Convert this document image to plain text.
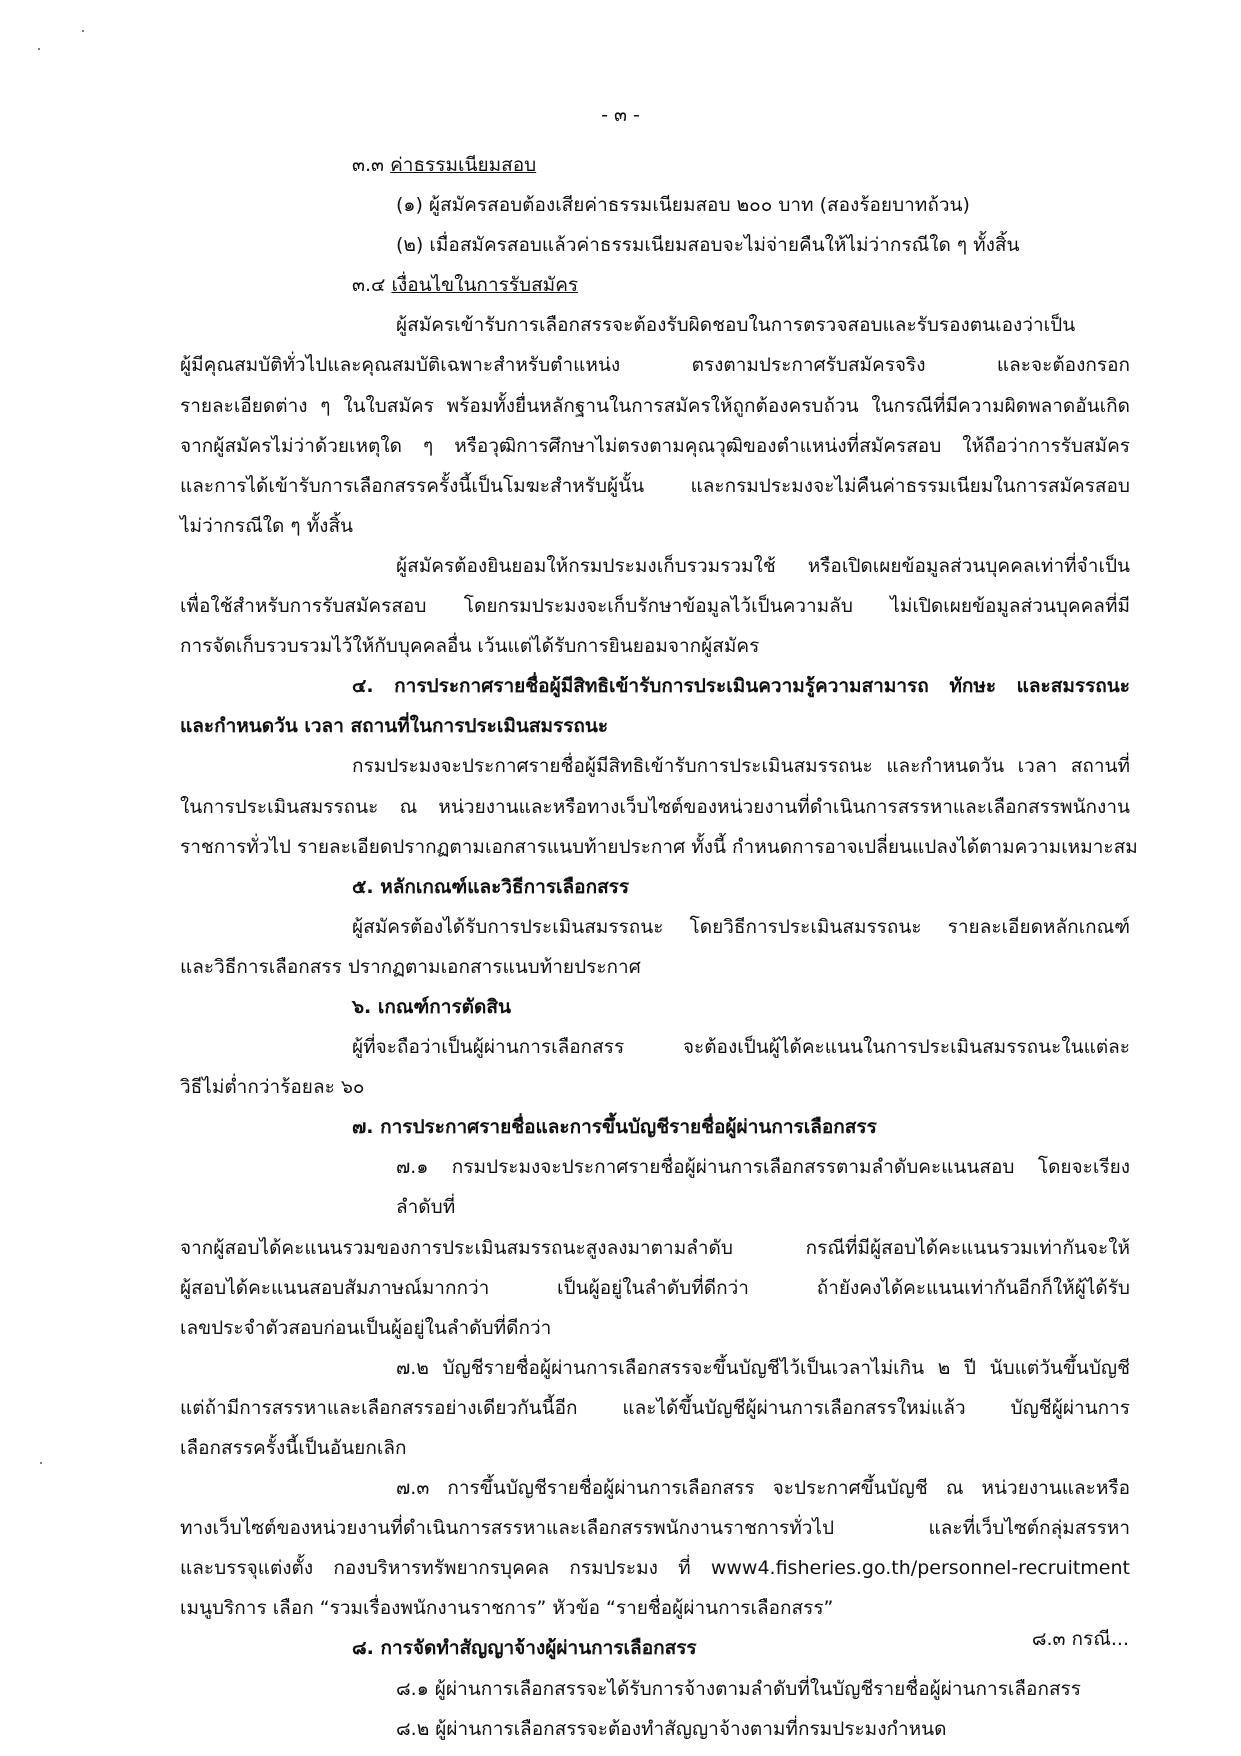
- ๓ -
๓.๓ ค่าธรรมเนียมสอบ
(๑) ผู้สมัครสอบต้องเสียค่าธรรมเนียมสอบ ๒๐๐ บาท (สองร้อยบาทถ้วน)
(๒) เมื่อสมัครสอบแล้วค่าธรรมเนียมสอบจะไม่จ่ายคืนให้ไม่ว่ากรณีใด ๆ ทั้งสิ้น
๓.๔ เงื่อนไขในการรับสมัคร
ผู้สมัครเข้ารับการเลือกสรรจะต้องรับผิดชอบในการตรวจสอบและรับรองตนเองว่าเป็น
ผู้มีคุณสมบัติทั่วไปและคุณสมบัติเฉพาะสำหรับตำแหน่ง ตรงตามประกาศรับสมัครจริง และจะต้องกรอก
รายละเอียดต่าง ๆ ในใบสมัคร พร้อมทั้งยื่นหลักฐานในการสมัครให้ถูกต้องครบถ้วน ในกรณีที่มีความผิดพลาดอันเกิด
จากผู้สมัครไม่ว่าด้วยเหตุใด ๆ หรือวุฒิการศึกษาไม่ตรงตามคุณวุฒิของตำแหน่งที่สมัครสอบ ให้ถือว่าการรับสมัคร
และการได้เข้ารับการเลือกสรรครั้งนี้เป็นโมฆะสำหรับผู้นั้น และกรมประมงจะไม่คืนค่าธรรมเนียมในการสมัครสอบ
ไม่ว่ากรณีใด ๆ ทั้งสิ้น
ผู้สมัครต้องยินยอมให้กรมประมงเก็บรวมรวมใช้ หรือเปิดเผยข้อมูลส่วนบุคคลเท่าที่จำเป็น
เพื่อใช้สำหรับการรับสมัครสอบ โดยกรมประมงจะเก็บรักษาข้อมูลไว้เป็นความลับ ไม่เปิดเผยข้อมูลส่วนบุคคลที่มี
การจัดเก็บรวบรวมไว้ให้กับบุคคลอื่น เว้นแต่ได้รับการยินยอมจากผู้สมัคร
๔. การประกาศรายชื่อผู้มีสิทธิเข้ารับการประเมินความรู้ความสามารถ ทักษะ และสมรรถนะ
และกำหนดวัน เวลา สถานที่ในการประเมินสมรรถนะ
กรมประมงจะประกาศรายชื่อผู้มีสิทธิเข้ารับการประเมินสมรรถนะ และกำหนดวัน เวลา สถานที่
ในการประเมินสมรรถนะ ณ หน่วยงานและหรือทางเว็บไซต์ของหน่วยงานที่ดำเนินการสรรหาและเลือกสรรพนักงาน
ราชการทั่วไป รายละเอียดปรากฏตามเอกสารแนบท้ายประกาศ ทั้งนี้ กำหนดการอาจเปลี่ยนแปลงได้ตามความเหมาะสม
๕. หลักเกณฑ์และวิธีการเลือกสรร
ผู้สมัครต้องได้รับการประเมินสมรรถนะ โดยวิธีการประเมินสมรรถนะ รายละเอียดหลักเกณฑ์
และวิธีการเลือกสรร ปรากฏตามเอกสารแนบท้ายประกาศ
๖. เกณฑ์การตัดสิน
ผู้ที่จะถือว่าเป็นผู้ผ่านการเลือกสรร จะต้องเป็นผู้ได้คะแนนในการประเมินสมรรถนะในแต่ละ
วิธีไม่ต่ำกว่าร้อยละ ๖๐
๗. การประกาศรายชื่อและการขึ้นบัญชีรายชื่อผู้ผ่านการเลือกสรร
๗.๑ กรมประมงจะประกาศรายชื่อผู้ผ่านการเลือกสรรตามลำดับคะแนนสอบ โดยจะเรียงลำดับที่
จากผู้สอบได้คะแนนรวมของการประเมินสมรรถนะสูงลงมาตามลำดับ กรณีที่มีผู้สอบได้คะแนนรวมเท่ากันจะให้
ผู้สอบได้คะแนนสอบสัมภาษณ์มากกว่า เป็นผู้อยู่ในลำดับที่ดีกว่า ถ้ายังคงได้คะแนนเท่ากันอีกก็ให้ผู้ได้รับ
เลขประจำตัวสอบก่อนเป็นผู้อยู่ในลำดับที่ดีกว่า
๗.๒ บัญชีรายชื่อผู้ผ่านการเลือกสรรจะขึ้นบัญชีไว้เป็นเวลาไม่เกิน ๒ ปี นับแต่วันขึ้นบัญชี
แต่ถ้ามีการสรรหาและเลือกสรรอย่างเดียวกันนี้อีก และได้ขึ้นบัญชีผู้ผ่านการเลือกสรรใหม่แล้ว บัญชีผู้ผ่านการ
เลือกสรรครั้งนี้เป็นอันยกเลิก
๗.๓ การขึ้นบัญชีรายชื่อผู้ผ่านการเลือกสรร จะประกาศขึ้นบัญชี ณ หน่วยงานและหรือ
ทางเว็บไซต์ของหน่วยงานที่ดำเนินการสรรหาและเลือกสรรพนักงานราชการทั่วไป และที่เว็บไซต์กลุ่มสรรหา
และบรรจุแต่งตั้ง กองบริหารทรัพยากรบุคคล กรมประมง ที่ www4.fisheries.go.th/personnel-recruitment
เมนูบริการ เลือก “รวมเรื่องพนักงานราชการ” หัวข้อ “รายชื่อผู้ผ่านการเลือกสรร”
๘. การจัดทำสัญญาจ้างผู้ผ่านการเลือกสรร
๘.๑ ผู้ผ่านการเลือกสรรจะได้รับการจ้างตามลำดับที่ในบัญชีรายชื่อผู้ผ่านการเลือกสรร
๘.๒ ผู้ผ่านการเลือกสรรจะต้องทำสัญญาจ้างตามที่กรมประมงกำหนด
๘.๓ กรณี...
